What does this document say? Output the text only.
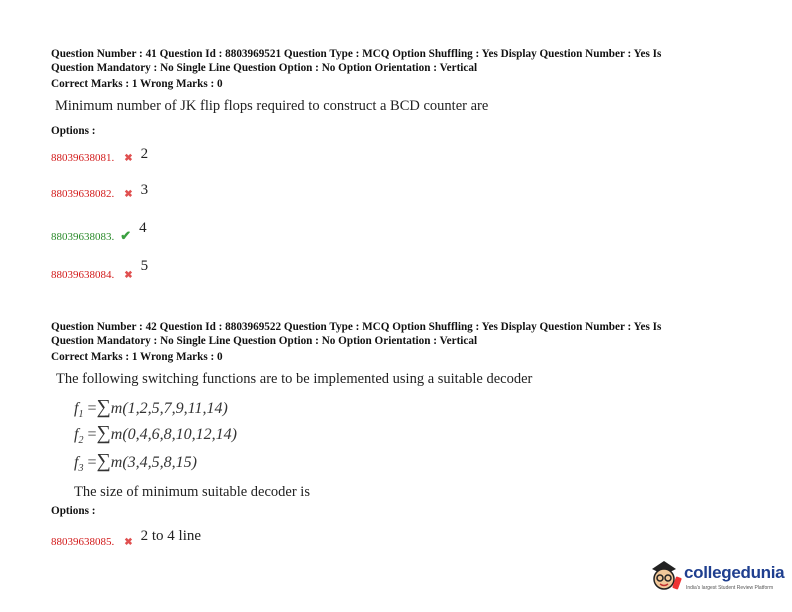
Question Number : 41 Question Id : 8803969521 Question Type : MCQ Option Shuffling : Yes Display Question Number : Yes Is
Question Mandatory : No Single Line Question Option : No Option Orientation : Vertical
Correct Marks : 1 Wrong Marks : 0
Minimum number of JK flip flops required to construct a BCD counter are
Options :
88039638081. ✖ 2
88039638082. ✖ 3
$_{88039638083.}$ $_✔$ 4
$_{88039638084.}$ $_✖$ 5
Question Number : 42 Question Id : 8803969522 Question Type : MCQ Option Shuffling : Yes Display Question Number : Yes Is
Question Mandatory : No Single Line Question Option : No Option Orientation : Vertical
Correct Marks : 1 Wrong Marks : 0
The following switching functions are to be implemented using a suitable decoder
$f_1 =\sum m(1,2,5,7,9,11,14)$
$f_2 =\sum m(0,4,6,8,10,12,14)$
$f_3 =\sum m(3,4,5,8,15)$
The size of minimum suitable decoder is
Options :
$_{88039638085.}$ $_✖$ 2 to 4 line
collegedunia
India's largest Student Review Platform
